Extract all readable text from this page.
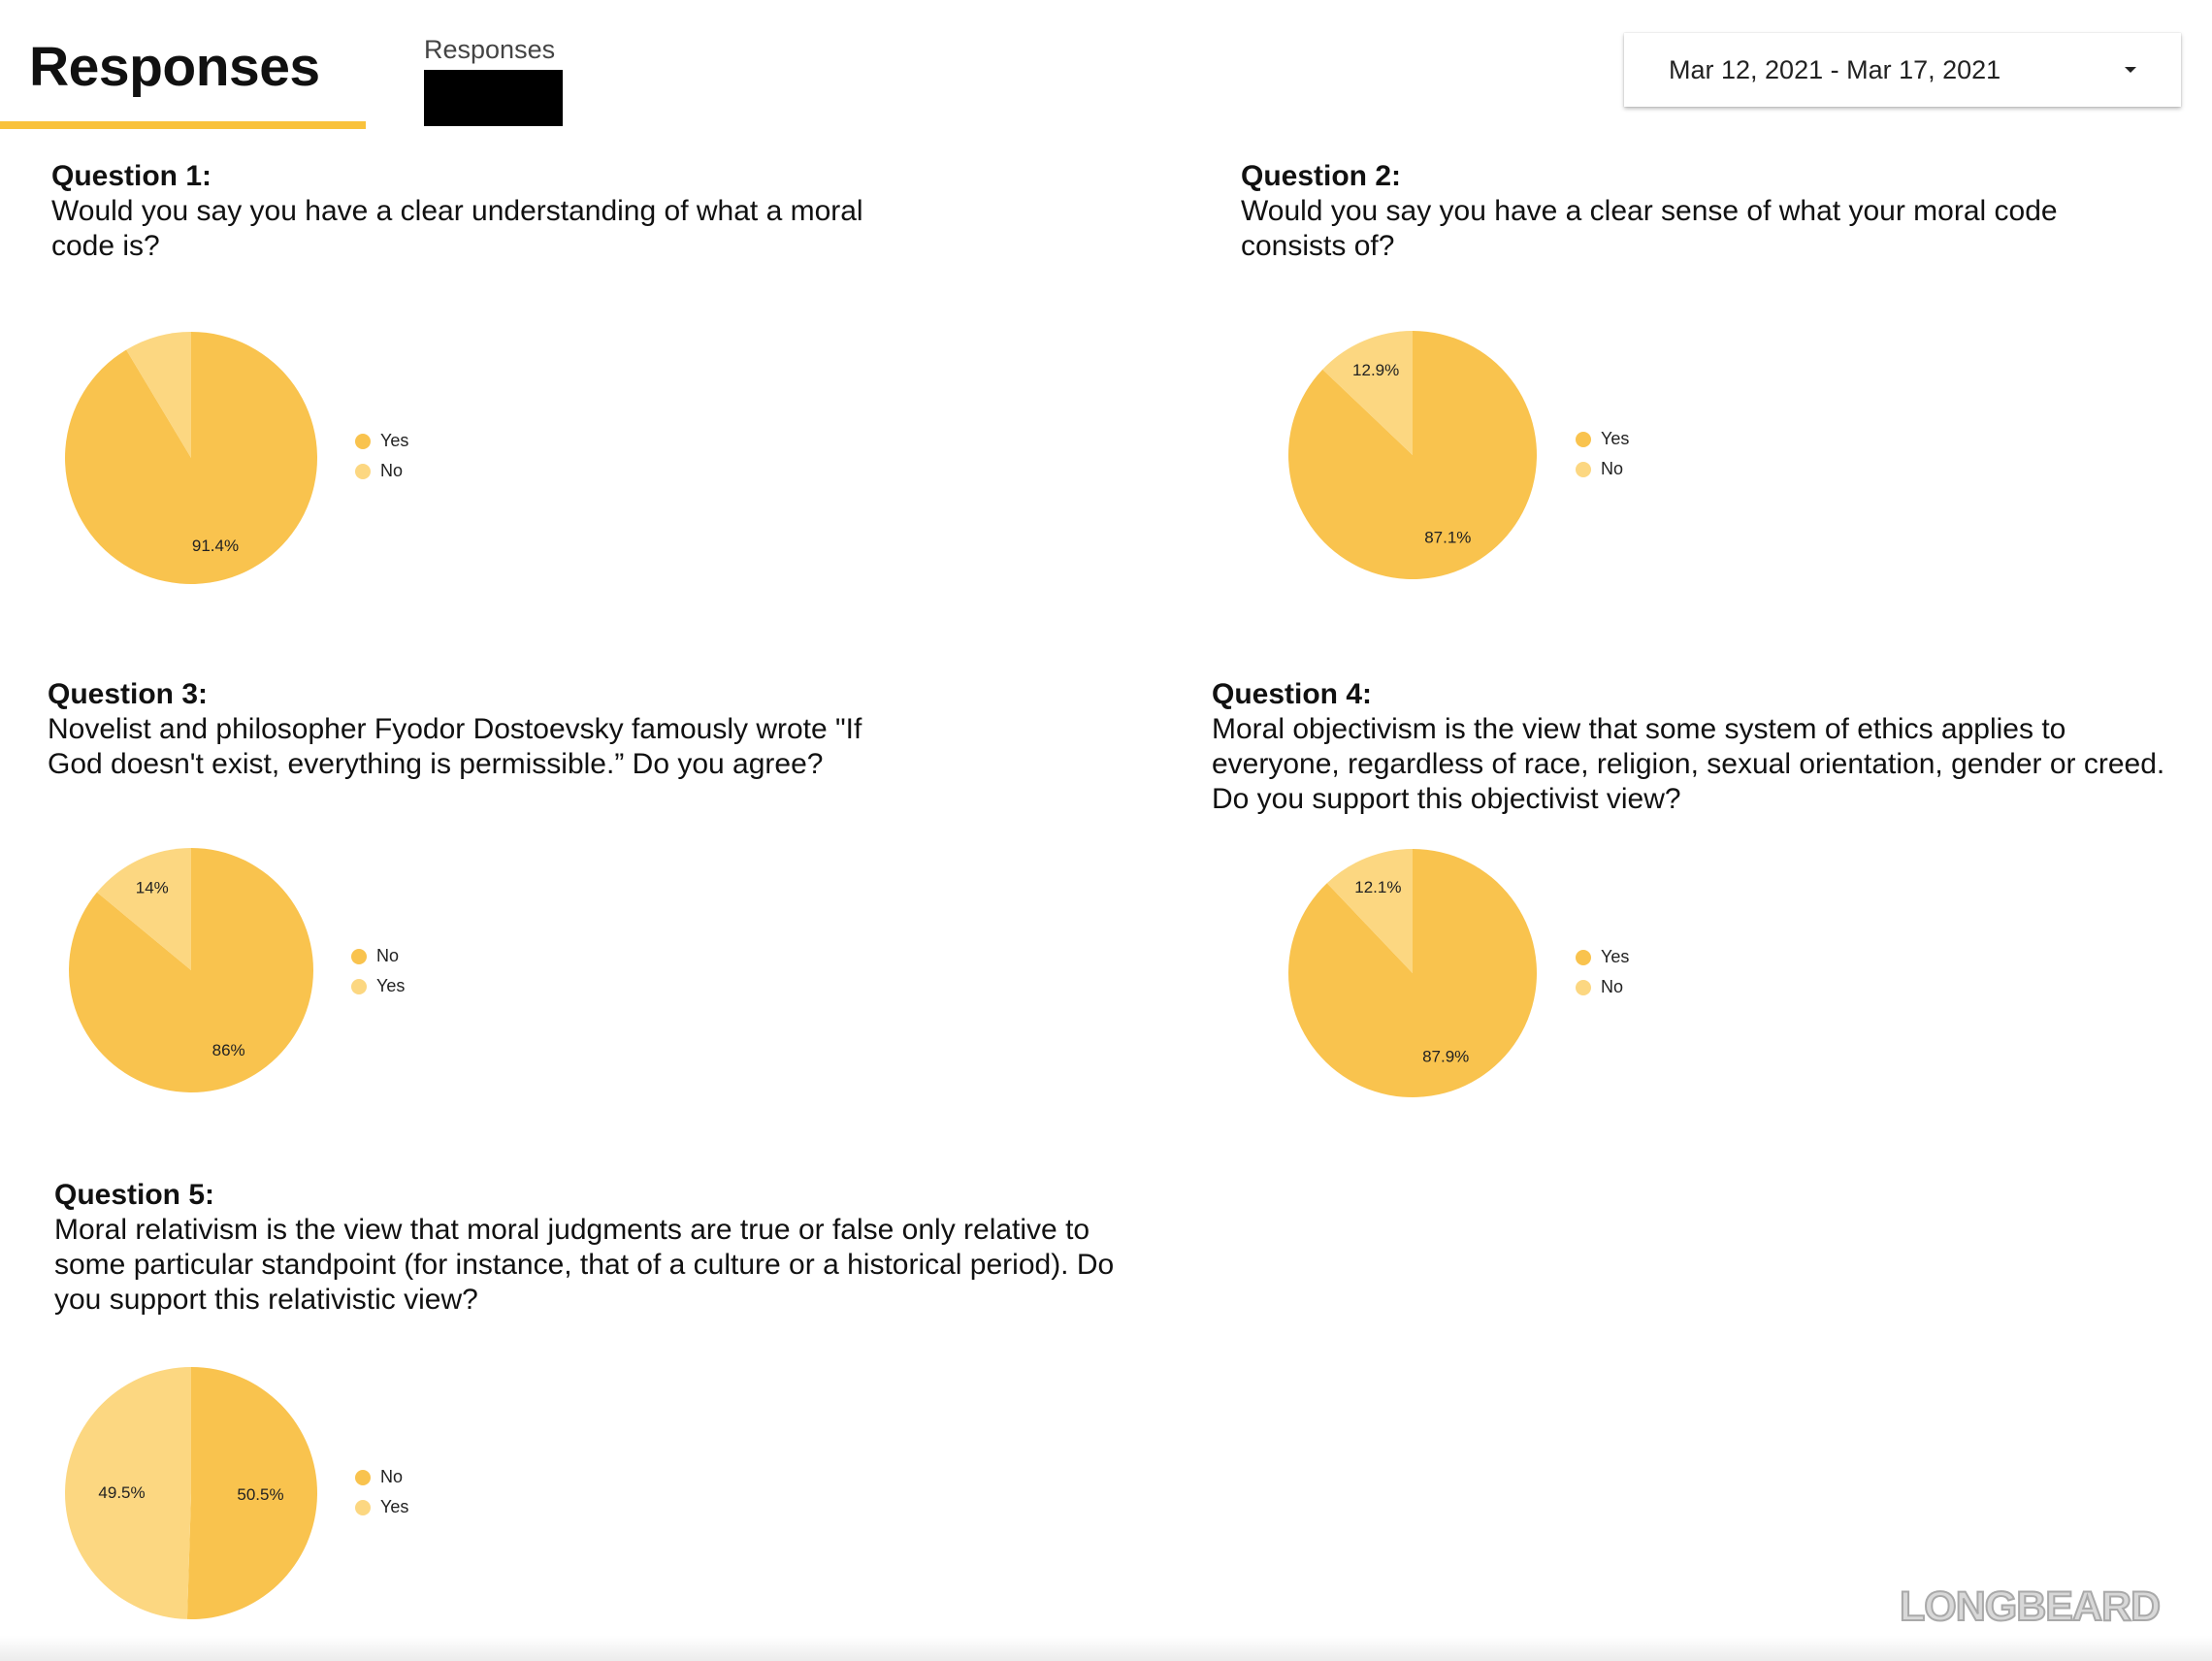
Responses	Responses
Mar 12, 2021 - Mar 17, 2021
Question 1:
Would you say you have a clear understanding of what a moral
code is?
91.4%
Yes
No
Question 2:
Would you say you have a clear sense of what your moral code
consists of?
87.1%
12.9%
Yes
No
Question 3:
Novelist and philosopher Fyodor Dostoevsky famously wrote "If
God doesn't exist, everything is permissible.” Do you agree?
86%
14%
No
Yes
Question 4:
Moral objectivism is the view that some system of ethics applies to
everyone, regardless of race, religion, sexual orientation, gender or creed.
Do you support this objectivist view?
87.9%
12.1%
Yes
No
Question 5:
Moral relativism is the view that moral judgments are true or false only relative to
some particular standpoint (for instance, that of a culture or a historical period). Do
you support this relativistic view?
50.5%
49.5%
No
Yes
LONGBEARD
